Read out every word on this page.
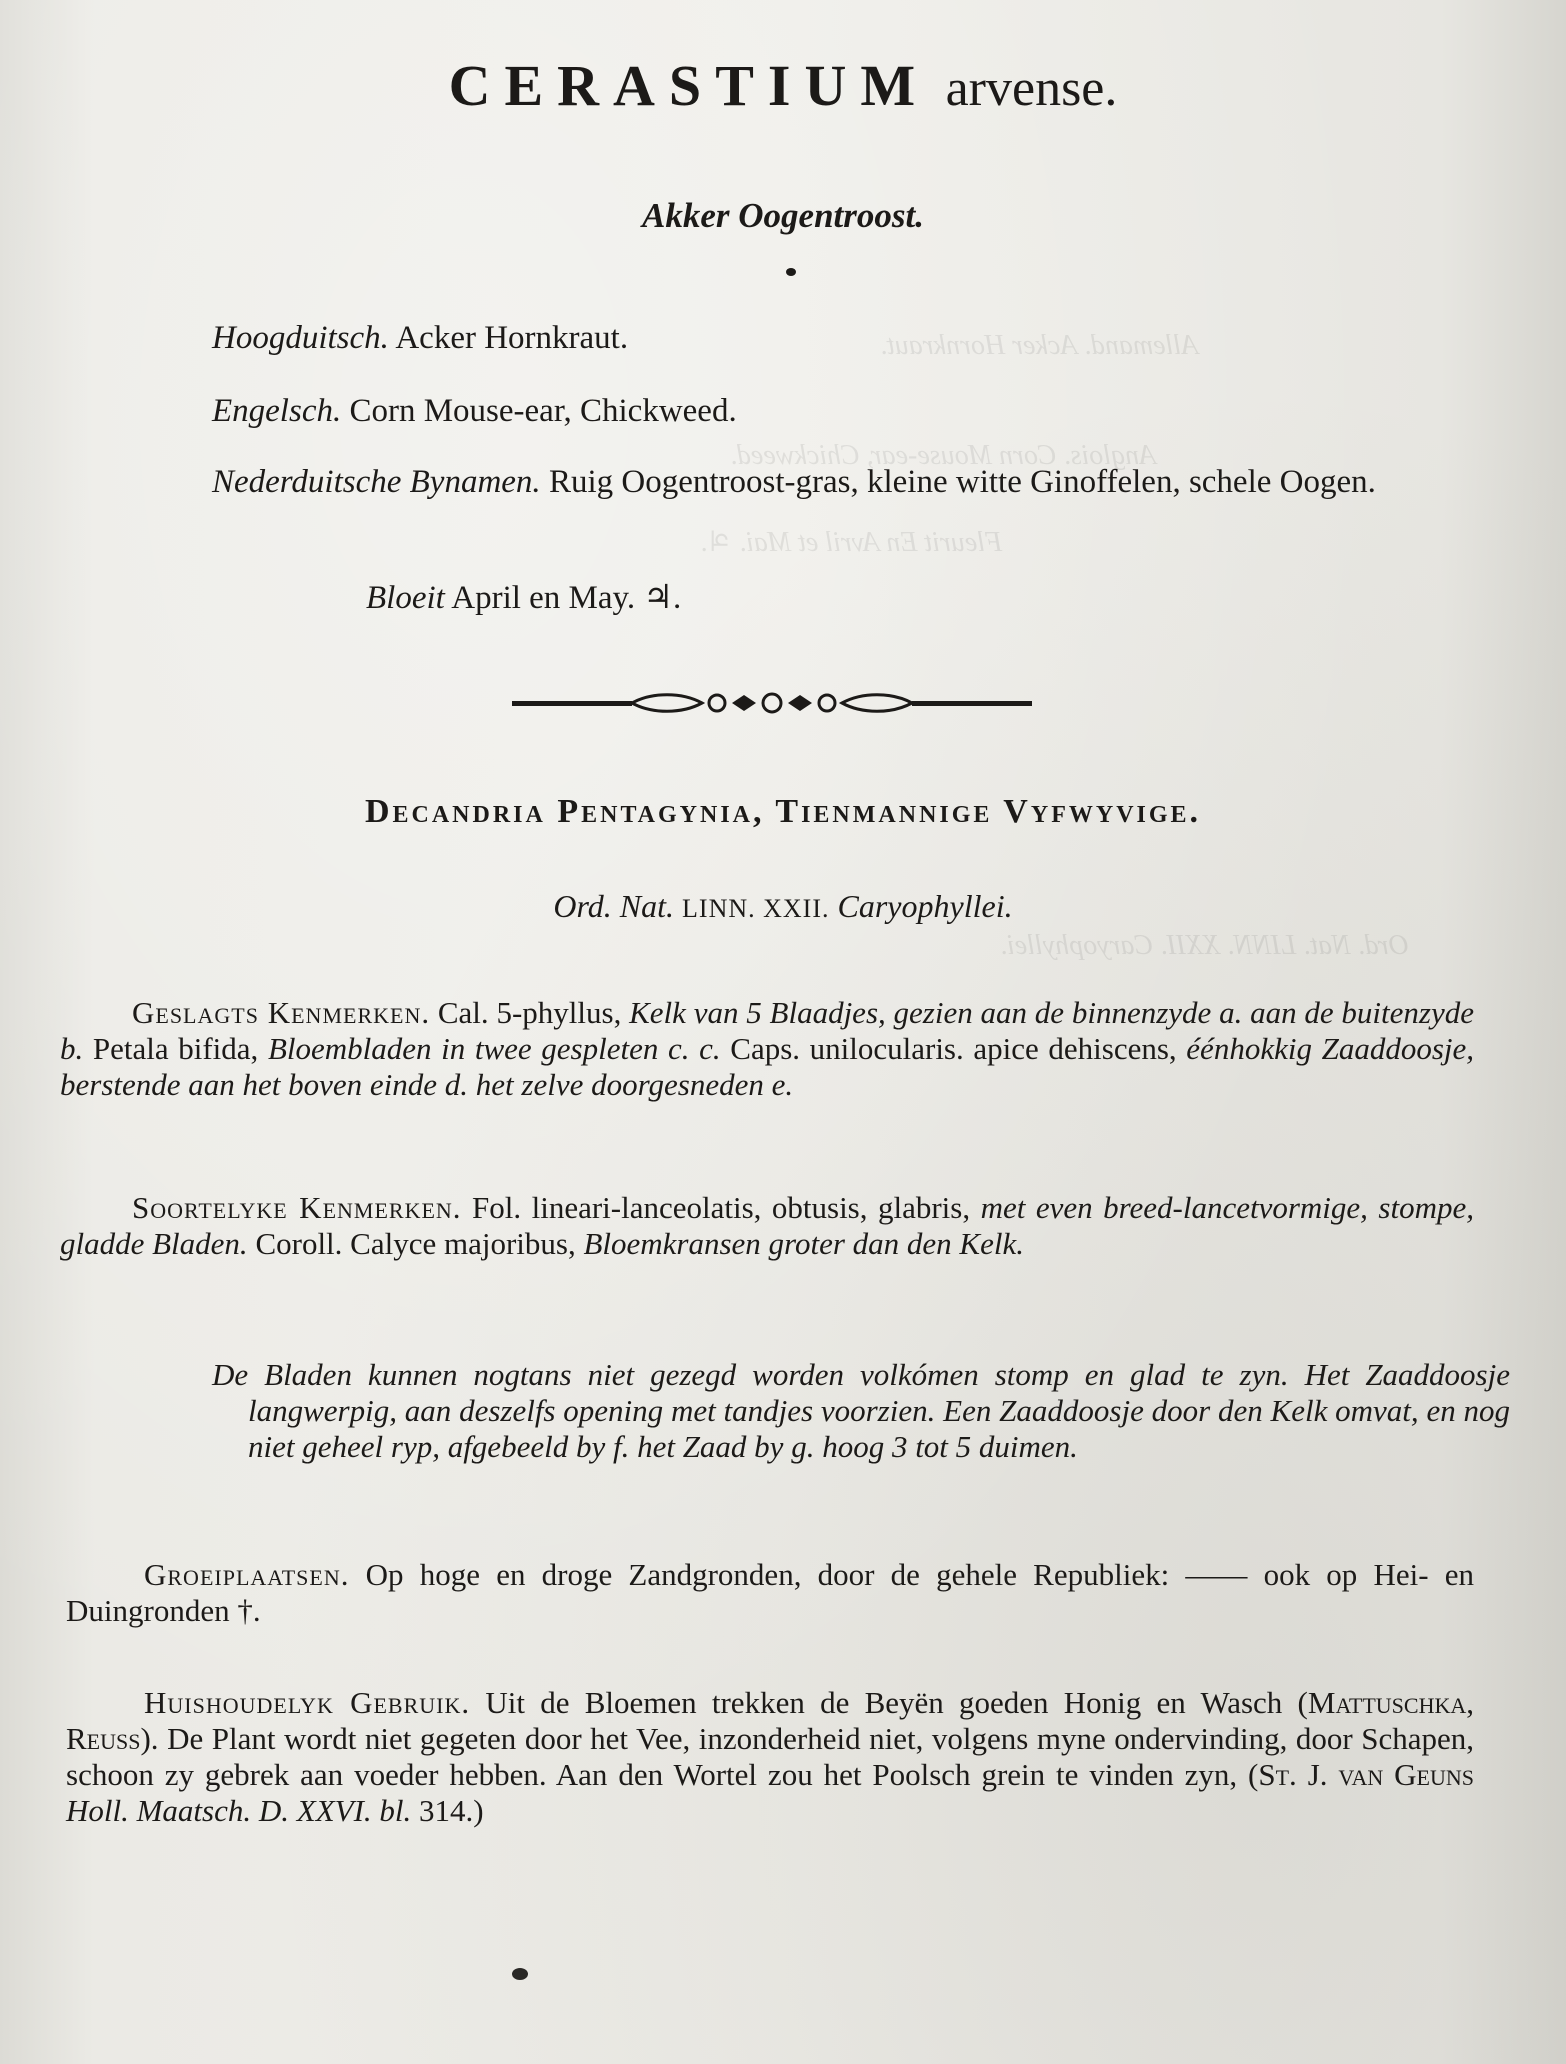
Allemand. Acker Hornkraut.
Anglois. Corn Mouse-ear, Chickweed.
Fleurit En Avril et Mai. ♃.
Ord. Nat. LINN. XXII. Caryophyllei.
CERASTIUM arvense.
Akker Oogentroost.
Hoogduitsch. Acker Hornkraut.
Engelsch. Corn Mouse-ear, Chickweed.
Nederduitsche Bynamen. Ruig Oogentroost-gras, kleine witte Ginoffelen, schele Oogen.
Bloeit April en May. ♃.
Decandria Pentagynia, Tienmannige Vyfwyvige.
Ord. Nat. LINN. XXII. Caryophyllei.
Geslagts Kenmerken. Cal. 5-phyllus, Kelk van 5 Blaadjes, gezien aan de binnenzyde a. aan de buitenzyde b. Petala bifida, Bloembladen in twee gespleten c. c. Caps. unilocularis. apice dehiscens, éénhokkig Zaaddoosje, berstende aan het boven einde d. het zelve doorgesneden e.
Soortelyke Kenmerken. Fol. lineari-lanceolatis, obtusis, glabris, met even breed-lancetvormige, stompe, gladde Bladen. Coroll. Calyce majoribus, Bloemkransen groter dan den Kelk.
De Bladen kunnen nogtans niet gezegd worden volkómen stomp en glad te zyn. Het Zaaddoosje langwerpig, aan deszelfs opening met tandjes voorzien. Een Zaaddoosje door den Kelk omvat, en nog niet geheel ryp, afgebeeld by f. het Zaad by g. hoog 3 tot 5 duimen.
Groeiplaatsen. Op hoge en droge Zandgronden, door de gehele Republiek: —— ook op Hei- en Duingronden †.
Huishoudelyk Gebruik. Uit de Bloemen trekken de Beyën goeden Honig en Wasch (Mattuschka, Reuss). De Plant wordt niet gegeten door het Vee, inzonderheid niet, volgens myne ondervinding, door Schapen, schoon zy gebrek aan voeder hebben. Aan den Wortel zou het Poolsch grein te vinden zyn, (St. J. van Geuns Holl. Maatsch. D. XXVI. bl. 314.)
